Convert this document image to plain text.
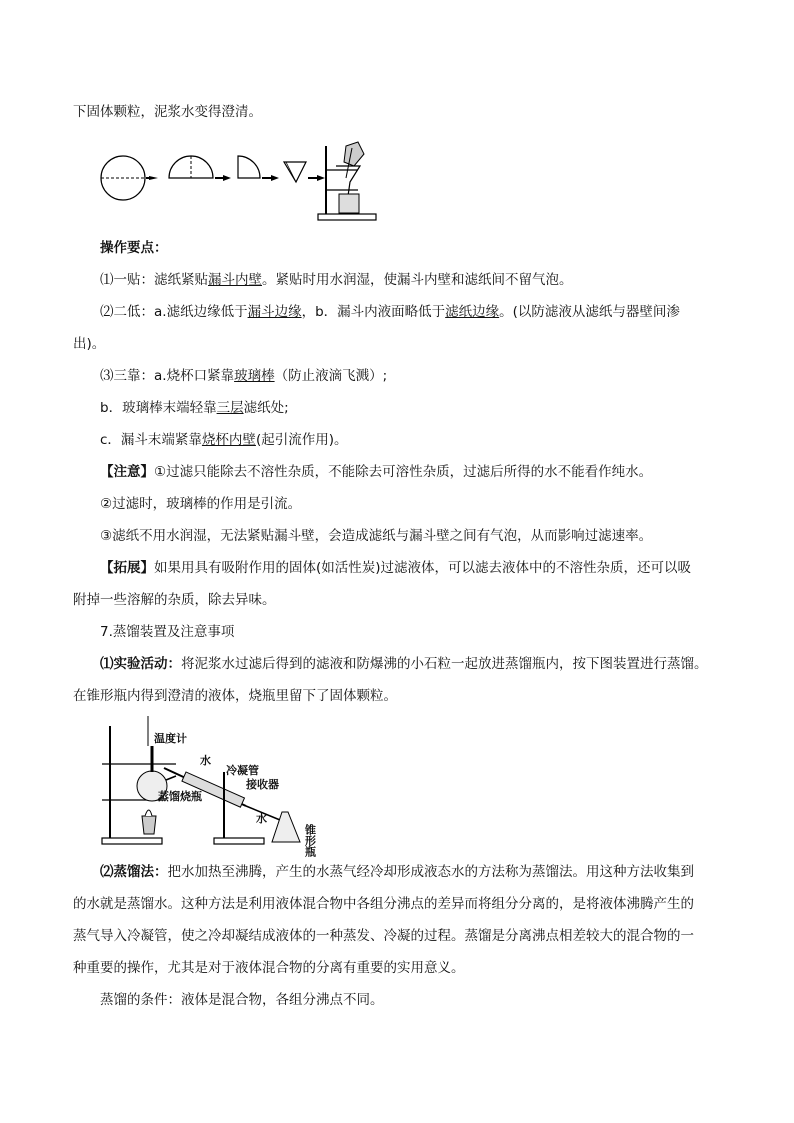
下固体颗粒，泥浆水变得澄清。
操作要点：
⑴一贴：滤纸紧贴漏斗内壁。紧贴时用水润湿，使漏斗内壁和滤纸间不留气泡。
⑵二低：a.滤纸边缘低于漏斗边缘，b．漏斗内液面略低于滤纸边缘。(以防滤液从滤纸与器壁间渗
出)。
⑶三靠：a.烧杯口紧靠玻璃棒（防止液滴飞溅）;
b．玻璃棒末端轻靠三层滤纸处;
c．漏斗末端紧靠烧杯内壁(起引流作用)。
【注意】①过滤只能除去不溶性杂质，不能除去可溶性杂质，过滤后所得的水不能看作纯水。
②过滤时，玻璃棒的作用是引流。
③滤纸不用水润湿，无法紧贴漏斗壁，会造成滤纸与漏斗壁之间有气泡，从而影响过滤速率。
【拓展】如果用具有吸附作用的固体(如活性炭)过滤液体，可以滤去液体中的不溶性杂质，还可以吸
附掉一些溶解的杂质，除去异味。
7.蒸馏装置及注意事项
⑴实验活动：将泥浆水过滤后得到的滤液和防爆沸的小石粒一起放进蒸馏瓶内，按下图装置进行蒸馏。
在锥形瓶内得到澄清的液体，烧瓶里留下了固体颗粒。
温度计
水
冷凝管
蒸馏烧瓶
接收器
水
锥形瓶
⑵蒸馏法：把水加热至沸腾，产生的水蒸气经冷却形成液态水的方法称为蒸馏法。用这种方法收集到
的水就是蒸馏水。这种方法是利用液体混合物中各组分沸点的差异而将组分分离的，是将液体沸腾产生的
蒸气导入冷凝管，使之冷却凝结成液体的一种蒸发、冷凝的过程。蒸馏是分离沸点相差较大的混合物的一
种重要的操作，尤其是对于液体混合物的分离有重要的实用意义。
蒸馏的条件：液体是混合物，各组分沸点不同。
